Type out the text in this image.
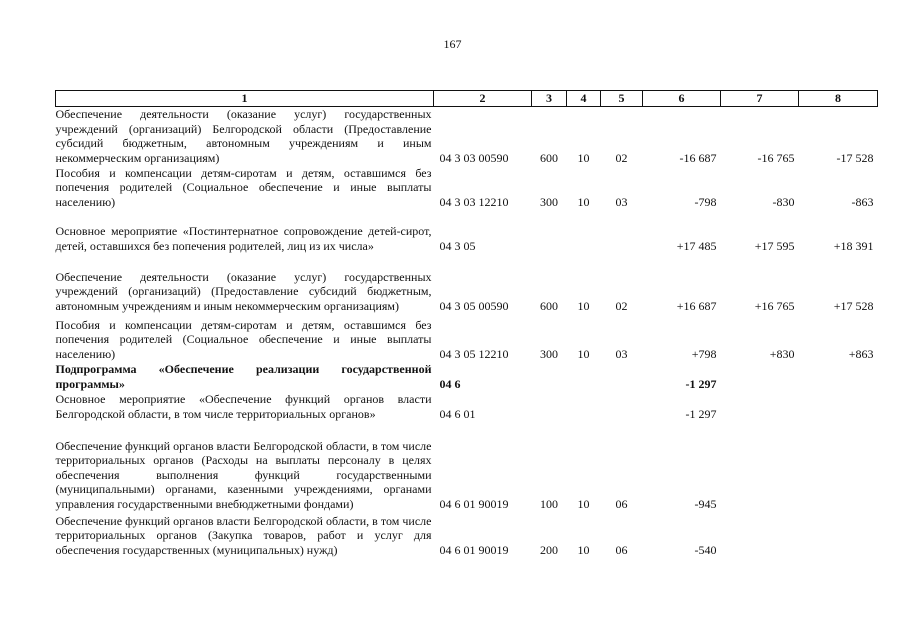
167
1	2	3	4	5	6	7	8
Обеспечение деятельности (оказание услуг) государственных учреждений (организаций) Белгородской области (Предоставление субсидий бюджетным, автономным учреждениям и иным некоммерческим организациям)	04 3 03 00590	600	10	02	-16 687	-16 765	-17 528
Пособия и компенсации детям-сиротам и детям, оставшимся без попечения родителей (Социальное обеспечение и иные выплаты населению)	04 3 03 12210	300	10	03	-798	-830	-863
Основное мероприятие «Постинтернатное сопровождение детей-сирот, детей, оставшихся без попечения родителей, лиц из их числа»	04 3 05				+17 485	+17 595	+18 391
Обеспечение деятельности (оказание услуг) государственных учреждений (организаций) (Предоставление субсидий бюджетным, автономным учреждениям и иным некоммерческим организациям)	04 3 05 00590	600	10	02	+16 687	+16 765	+17 528
Пособия и компенсации детям-сиротам и детям, оставшимся без попечения родителей (Социальное обеспечение и иные выплаты населению)	04 3 05 12210	300	10	03	+798	+830	+863
Подпрограмма «Обеспечение реализации государственной программы»	04 6				-1 297		
Основное мероприятие «Обеспечение функций органов власти Белгородской области, в том числе территориальных органов»	04 6 01				-1 297		
Обеспечение функций органов власти Белгородской области, в том числе территориальных органов (Расходы на выплаты персоналу в целях обеспечения выполнения функций государственными (муниципальными) органами, казенными учреждениями, органами управления государственными внебюджетными фондами)	04 6 01 90019	100	10	06	-945		
Обеспечение функций органов власти Белгородской области, в том числе территориальных органов (Закупка товаров, работ и услуг для обеспечения государственных (муниципальных) нужд)	04 6 01 90019	200	10	06	-540		
